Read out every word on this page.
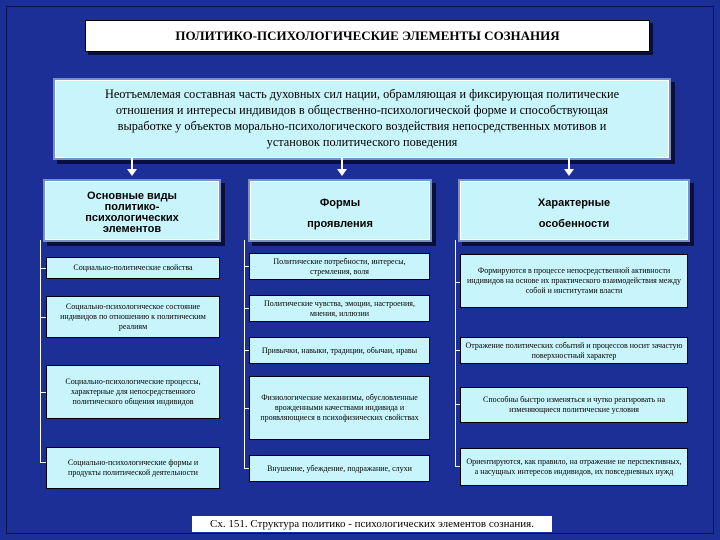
ПОЛИТИКО-ПСИХОЛОГИЧЕСКИЕ ЭЛЕМЕНТЫ СОЗНАНИЯ
Неотъемлемая составная часть духовных сил нации, обрамляющая и фиксирующая политические
отношения и интересы индивидов в общественно-психологической форме и способствующая
выработке у объектов морально-психологического воздействия непосредственных мотивов и
установок политического поведения
Основные виды
политико-
психологических
элементов
Формы
проявления
Характерные
особенности
Социально-политические свойства
Социально-психологическое состояние индивидов по отношению к политическим реалиям
Социально-психологические процессы, характерные для непосредственного политического общения индивидов
Социально-психологические формы и продукты политической деятельности
Политические потребности, интересы, стремления, воля
Политические чувства, эмоции, настроения, мнения, иллюзии
Привычки, навыки, традиции, обычаи, нравы
Физиологические механизмы, обусловленные врожденными качествами индивида и проявляющиеся в психофизических свойствах
Внушение, убеждение, подражание, слухи
Формируются в процессе непосредственной активности индивидов на основе их практического взаимодействия между собой и институтами власти
Отражение политических событий и процессов носит зачастую поверхностный характер
Способны быстро изменяться и чутко реагировать на изменяющиеся политические условия
Ориентируются, как правило, на отражение не перспективных, а насущных интересов индивидов, их повседневных нужд
Сх. 151. Структура политико - психологических элементов сознания.
